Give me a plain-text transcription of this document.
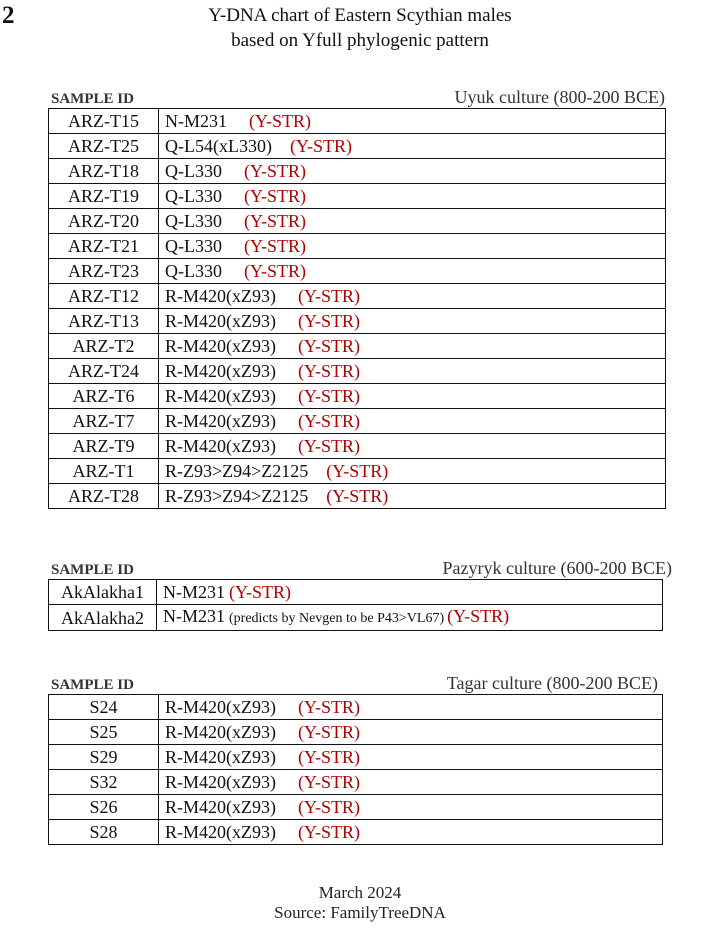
2	Y-DNA chart of Eastern Scythian males
based on Yfull phylogenic pattern
SAMPLE ID	Uyuk culture (800-200 BCE)
ARZ-T15	N-M231 (Y-STR)
ARZ-T25	Q-L54(xL330) (Y-STR)
ARZ-T18	Q-L330 (Y-STR)
ARZ-T19	Q-L330 (Y-STR)
ARZ-T20	Q-L330 (Y-STR)
ARZ-T21	Q-L330 (Y-STR)
ARZ-T23	Q-L330 (Y-STR)
ARZ-T12	R-M420(xZ93) (Y-STR)
ARZ-T13	R-M420(xZ93) (Y-STR)
ARZ-T2	R-M420(xZ93) (Y-STR)
ARZ-T24	R-M420(xZ93) (Y-STR)
ARZ-T6	R-M420(xZ93) (Y-STR)
ARZ-T7	R-M420(xZ93) (Y-STR)
ARZ-T9	R-M420(xZ93) (Y-STR)
ARZ-T1	R-Z93>Z94>Z2125 (Y-STR)
ARZ-T28	R-Z93>Z94>Z2125 (Y-STR)
SAMPLE ID	Pazyryk culture (600-200 BCE)
AkAlakha1	N-M231 (Y-STR)
AkAlakha2	N-M231 (predicts by Nevgen to be P43>VL67) (Y-STR)
SAMPLE ID	Tagar culture (800-200 BCE)
S24	R-M420(xZ93) (Y-STR)
S25	R-M420(xZ93) (Y-STR)
S29	R-M420(xZ93) (Y-STR)
S32	R-M420(xZ93) (Y-STR)
S26	R-M420(xZ93) (Y-STR)
S28	R-M420(xZ93) (Y-STR)
March 2024
Source: FamilyTreeDNA
